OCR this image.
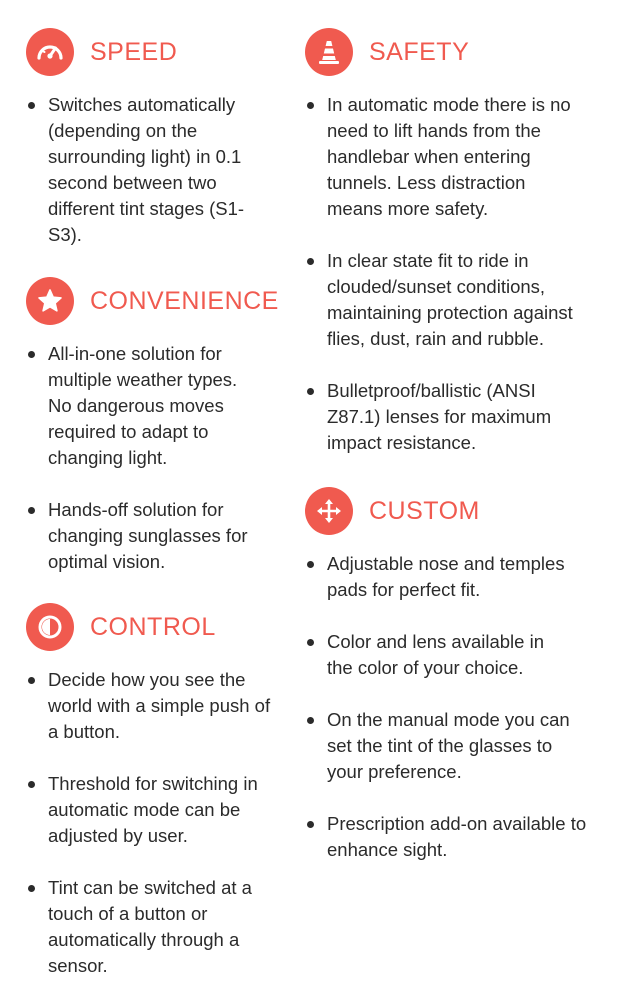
SPEED
Switches automatically (depending on the surrounding light) in 0.1 second between two different tint stages (S1-S3).
CONVENIENCE
All-in-one solution for multiple weather types. No dangerous moves required to adapt to changing light.
Hands-off solution for changing sunglasses for optimal vision.
CONTROL
Decide how you see the world with a simple push of a button.
Threshold for switching in automatic mode can be adjusted by user.
Tint can be switched at a touch of a button or automatically through a sensor.
SAFETY
In automatic mode there is no need to lift hands from the handlebar when entering tunnels. Less distraction means more safety.
In clear state fit to ride in clouded/sunset conditions, maintaining protection against flies, dust, rain and rubble.
Bulletproof/ballistic (ANSI Z87.1) lenses for maximum impact resistance.
CUSTOM
Adjustable nose and temples pads for perfect fit.
Color and lens available in the color of your choice.
On the manual mode you can set the tint of the glasses to your preference.
Prescription add-on available to enhance sight.
